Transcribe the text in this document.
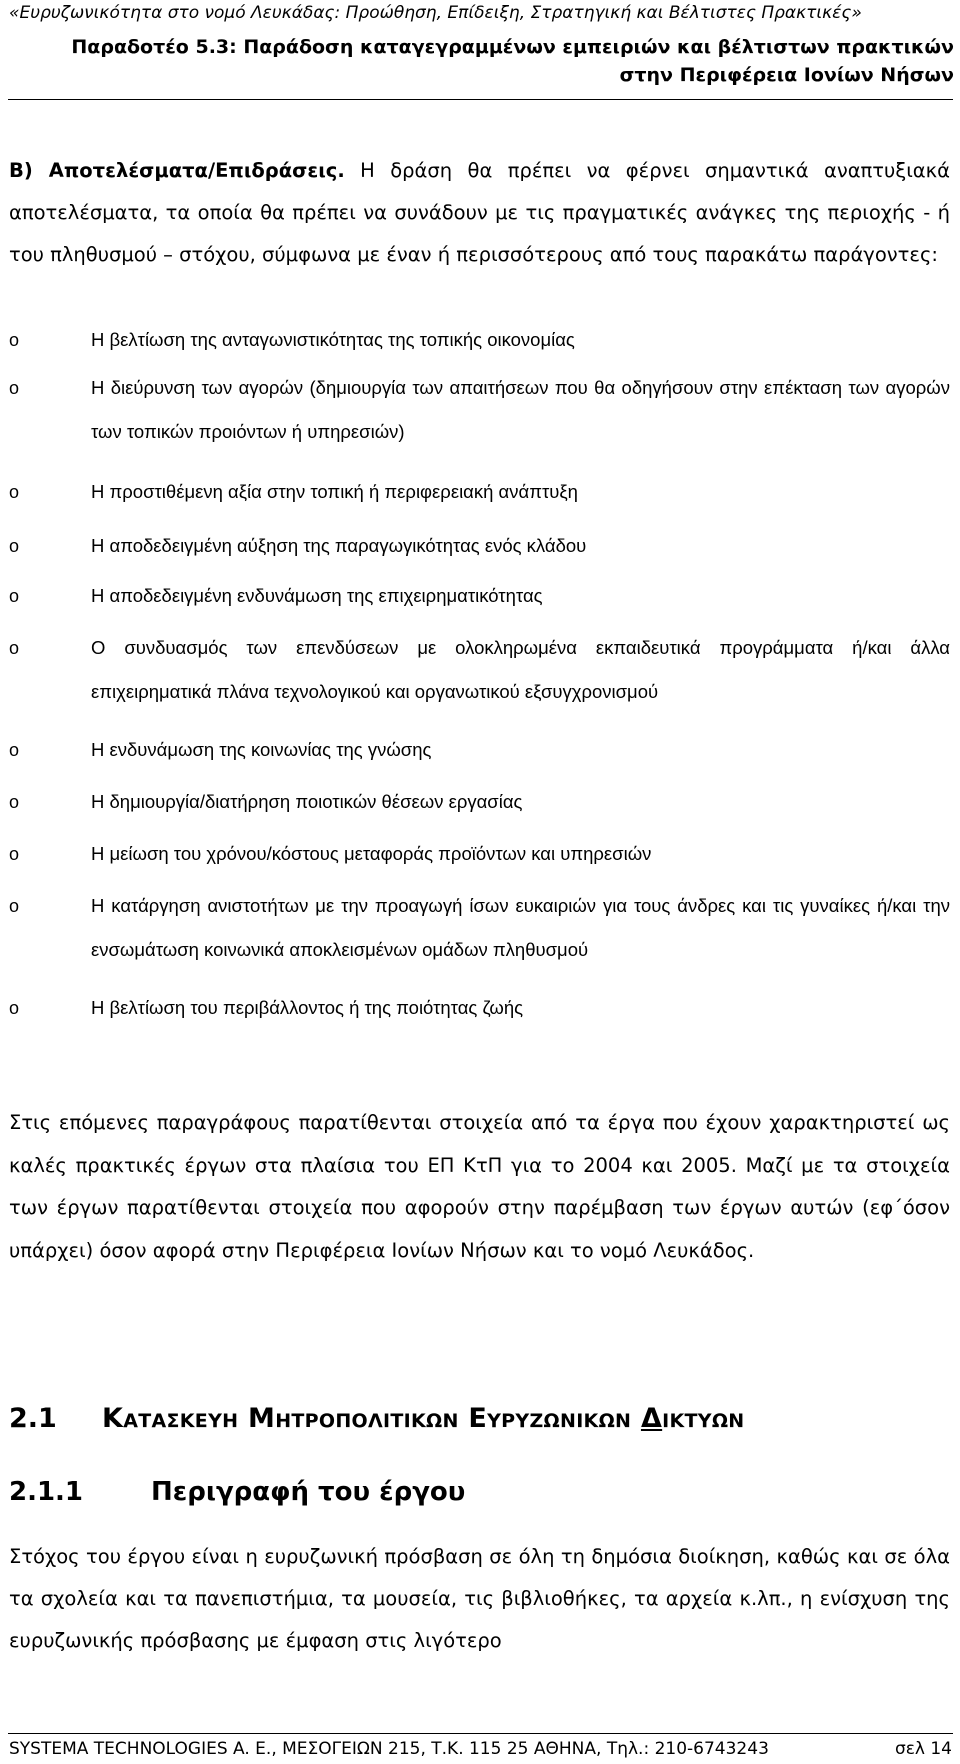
«Ευρυζωνικότητα στο νομό Λευκάδας: Προώθηση, Επίδειξη, Στρατηγική και Βέλτιστες Πρακτικές»
Παραδοτέο 5.3: Παράδοση καταγεγραμμένων εμπειριών και βέλτιστων πρακτικών
στην Περιφέρεια Ιονίων Νήσων
Β) Αποτελέσματα/Επιδράσεις. Η δράση θα πρέπει να φέρνει σημαντικά αναπτυξιακά αποτελέσματα, τα οποία θα πρέπει να συνάδουν με τις πραγματικές ανάγκες της περιοχής - ή του πληθυσμού – στόχου, σύμφωνα με έναν ή περισσότερους από τους παρακάτω παράγοντες:
o	Η βελτίωση της ανταγωνιστικότητας της τοπικής οικονομίας
o	Η διεύρυνση των αγορών (δημιουργία των απαιτήσεων που θα οδηγήσουν στην επέκταση των αγορών των τοπικών προιόντων ή υπηρεσιών)
o	Η προστιθέμενη αξία στην τοπική ή περιφερειακή ανάπτυξη
o	Η αποδεδειγμένη αύξηση της παραγωγικότητας ενός κλάδου
o	Η αποδεδειγμένη ενδυνάμωση της επιχειρηματικότητας
o	Ο συνδυασμός των επενδύσεων με ολοκληρωμένα εκπαιδευτικά προγράμματα ή/και άλλα επιχειρηματικά πλάνα τεχνολογικού και οργανωτικού εξσυγχρονισμού
o	Η ενδυνάμωση της κοινωνίας της γνώσης
o	Η δημιουργία/διατήρηση ποιοτικών θέσεων εργασίας
o	Η μείωση του χρόνου/κόστους μεταφοράς προϊόντων και υπηρεσιών
o	Η κατάργηση ανιστοτήτων με την προαγωγή ίσων ευκαιριών για τους άνδρες και τις γυναίκες ή/και την ενσωμάτωση κοινωνικά αποκλεισμένων ομάδων πληθυσμού
o	Η βελτίωση του περιβάλλοντος ή της ποιότητας ζωής
Στις επόμενες παραγράφους παρατίθενται στοιχεία από τα έργα που έχουν χαρακτηριστεί ως καλές πρακτικές έργων στα πλαίσια του ΕΠ ΚτΠ για το 2004 και 2005. Μαζί με τα στοιχεία των έργων παρατίθενται στοιχεία που αφορούν στην παρέμβαση των έργων αυτών (εφ΄όσον υπάρχει) όσον αφορά στην Περιφέρεια Ιονίων Νήσων και το νομό Λευκάδος.
2.1 Κατασκευη Μητροπολιτικων Ευρυζωνικων Δικτυων
2.1.1	Περιγραφή του έργου
Στόχος του έργου είναι η ευρυζωνική πρόσβαση σε όλη τη δημόσια διοίκηση, καθώς και σε όλα τα σχολεία και τα πανεπιστήμια, τα μουσεία, τις βιβλιοθήκες, τα αρχεία κ.λπ., η ενίσχυση της ευρυζωνικής πρόσβασης με έμφαση στις λιγότερο
SYSTEMA TECHNOLOGIES A. E., ΜΕΣΟΓΕΙΩΝ 215, Τ.Κ. 115 25 ΑΘΗΝΑ, Τηλ.: 210-6743243	σελ 14
